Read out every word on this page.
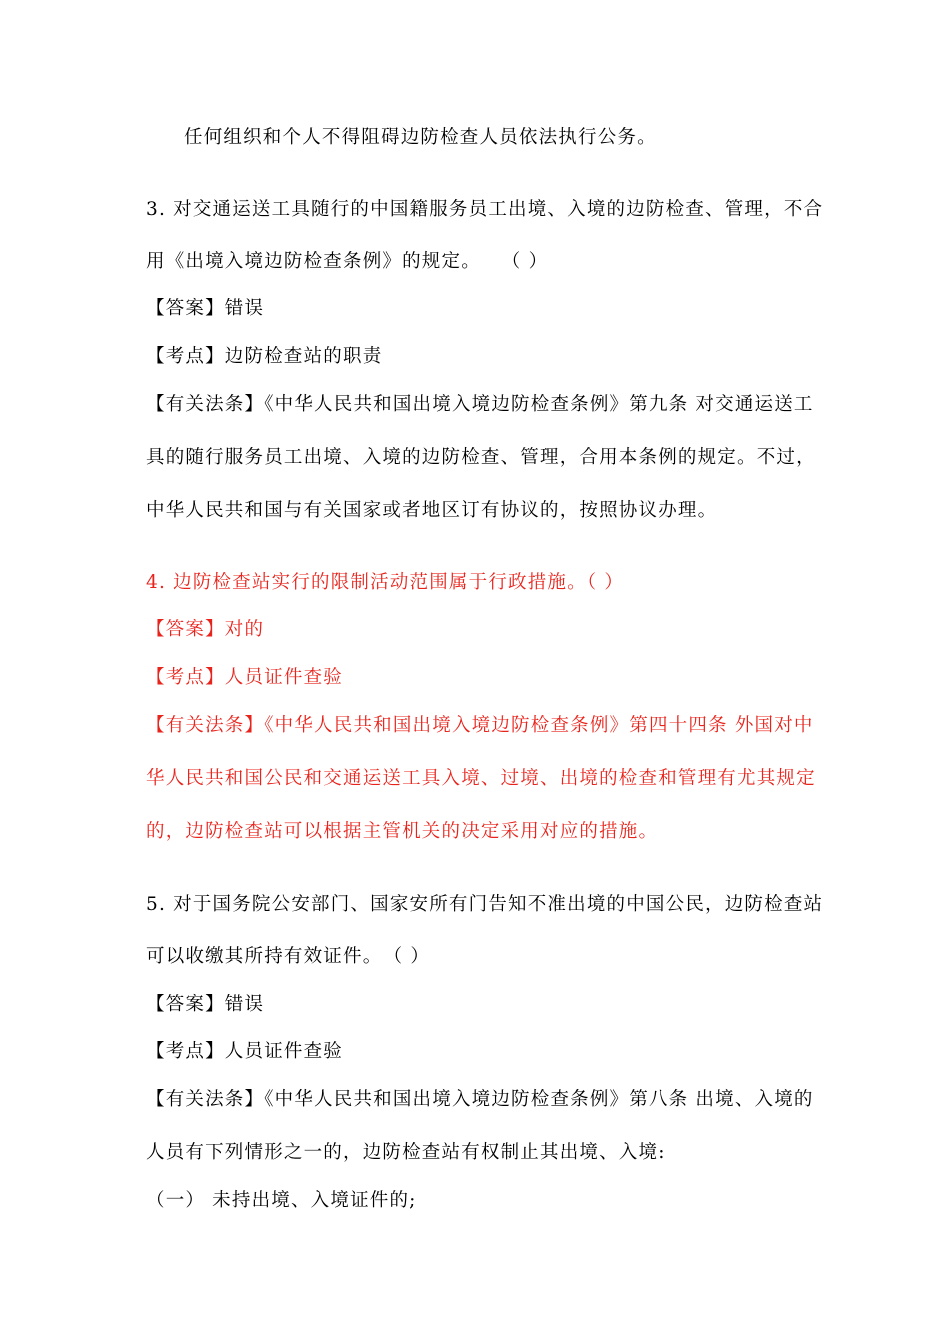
任何组织和个人不得阻碍边防检查人员依法执行公务。
3. 对交通运送工具随行的中国籍服务员工出境、入境的边防检查、管理，不合
用《出境入境边防检查条例》的规定。　　（ ）
【答案】错误
【考点】边防检查站的职责
【有关法条】《中华人民共和国出境入境边防检查条例》第九条 对交通运送工
具的随行服务员工出境、入境的边防检查、管理，合用本条例的规定。不过，
中华人民共和国与有关国家或者地区订有协议的，按照协议办理。
4. 边防检查站实行的限制活动范围属于行政措施。（ ）
【答案】对的
【考点】人员证件查验
【有关法条】《中华人民共和国出境入境边防检查条例》第四十四条 外国对中
华人民共和国公民和交通运送工具入境、过境、出境的检查和管理有尤其规定
的，边防检查站可以根据主管机关的决定采用对应的措施。
5. 对于国务院公安部门、国家安所有门告知不准出境的中国公民，边防检查站
可以收缴其所持有效证件。　（ ）
【答案】错误
【考点】人员证件查验
【有关法条】《中华人民共和国出境入境边防检查条例》第八条 出境、入境的
人员有下列情形之一的，边防检查站有权制止其出境、入境:
（一） 未持出境、入境证件的;
